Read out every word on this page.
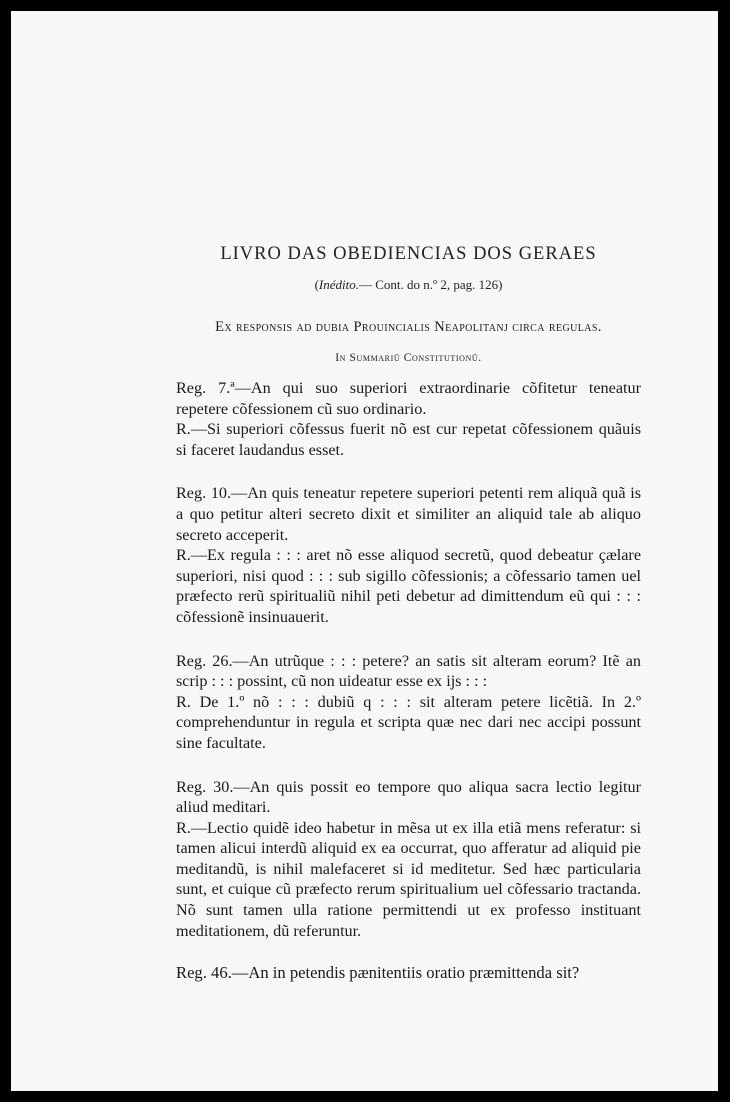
LIVRO DAS OBEDIENCIAS DOS GERAES
(Inédito.— Cont. do n.º 2, pag. 126)
Ex responsis ad dubia Prouincialis Neapolitanj circa regulas.
In Summariũ Constitutionũ.

Reg. 7.ª—An qui suo superiori extraordinarie cõfitetur teneatur repetere cõfessionem cũ suo ordinario.

R.—Si superiori cõfessus fuerit nõ est cur repetat cõfessionem quãuis si faceret laudandus esset.

Reg. 10.—An quis teneatur repetere superiori petenti rem aliquã quã is a quo petitur alteri secreto dixit et similiter an aliquid tale ab aliquo secreto acceperit.

R.—Ex regula : : : aret nõ esse aliquod secretũ, quod debeatur çælare superiori, nisi quod : : : sub sigillo cõfessionis; a cõfessario tamen uel præfecto rerũ spiritualiũ nihil peti debetur ad dimittendum eũ qui : : : cõfessionẽ insinuauerit.

Reg. 26.—An utrũque : : : petere? an satis sit alteram eorum? Itẽ an scrip : : : possint, cũ non uideatur esse ex ijs : : :

R. De 1.º nõ : : : dubiũ q : : : sit alteram petere licẽtiã. In 2.º comprehenduntur in regula et scripta quæ nec dari nec accipi possunt sine facultate.

Reg. 30.—An quis possit eo tempore quo aliqua sacra lectio legitur aliud meditari.

R.—Lectio quidẽ ideo habetur in mẽsa ut ex illa etiã mens referatur: si tamen alicui interdũ aliquid ex ea occurrat, quo afferatur ad aliquid pie meditandũ, is nihil malefaceret si id meditetur. Sed hæc particularia sunt, et cuique cũ præfecto rerum spiritualium uel cõfessario tractanda. Nõ sunt tamen ulla ratione permittendi ut ex professo instituant meditationem, dũ referuntur.

Reg. 46.—An in petendis pænitentiis oratio præmittenda sit?
